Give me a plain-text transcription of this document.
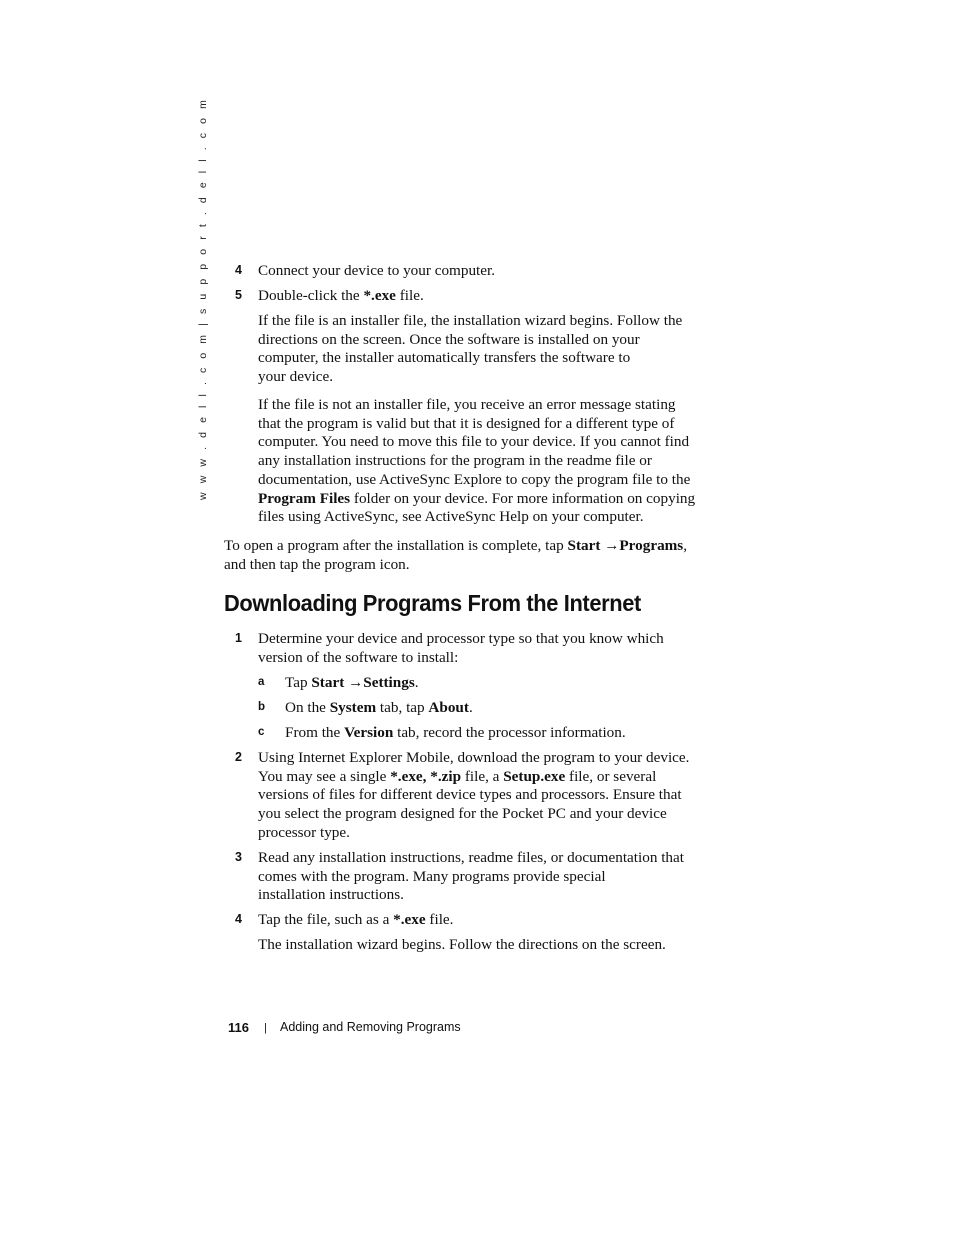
w w w . d e l l . c o m | s u p p o r t . d e l l . c o m 4 Connect your device to your computer.
5 Double-click the *.exe file.
If the file is an installer file, the installation wizard begins. Follow the
directions on the screen. Once the software is installed on your
computer, the installer automatically transfers the software to
your device.
If the file is not an installer file, you receive an error message stating
that the program is valid but that it is designed for a different type of
computer. You need to move this file to your device. If you cannot find
any installation instructions for the program in the readme file or
documentation, use ActiveSync Explore to copy the program file to the
Program Files folder on your device. For more information on copying
files using ActiveSync, see ActiveSync Help on your computer.
To open a program after the installation is complete, tap Start →Programs,
and then tap the program icon.
Downloading Programs From the Internet
1 Determine your device and processor type so that you know which
version of the software to install:
a Tap Start →Settings.
b On the System tab, tap About.
c From the Version tab, record the processor information.
2 Using Internet Explorer Mobile, download the program to your device.
You may see a single *.exe, *.zip file, a Setup.exe file, or several
versions of files for different device types and processors. Ensure that
you select the program designed for the Pocket PC and your device
processor type.
3 Read any installation instructions, readme files, or documentation that
comes with the program. Many programs provide special
installation instructions.
4 Tap the file, such as a *.exe file.
The installation wizard begins. Follow the directions on the screen.
116 | Adding and Removing Programs
